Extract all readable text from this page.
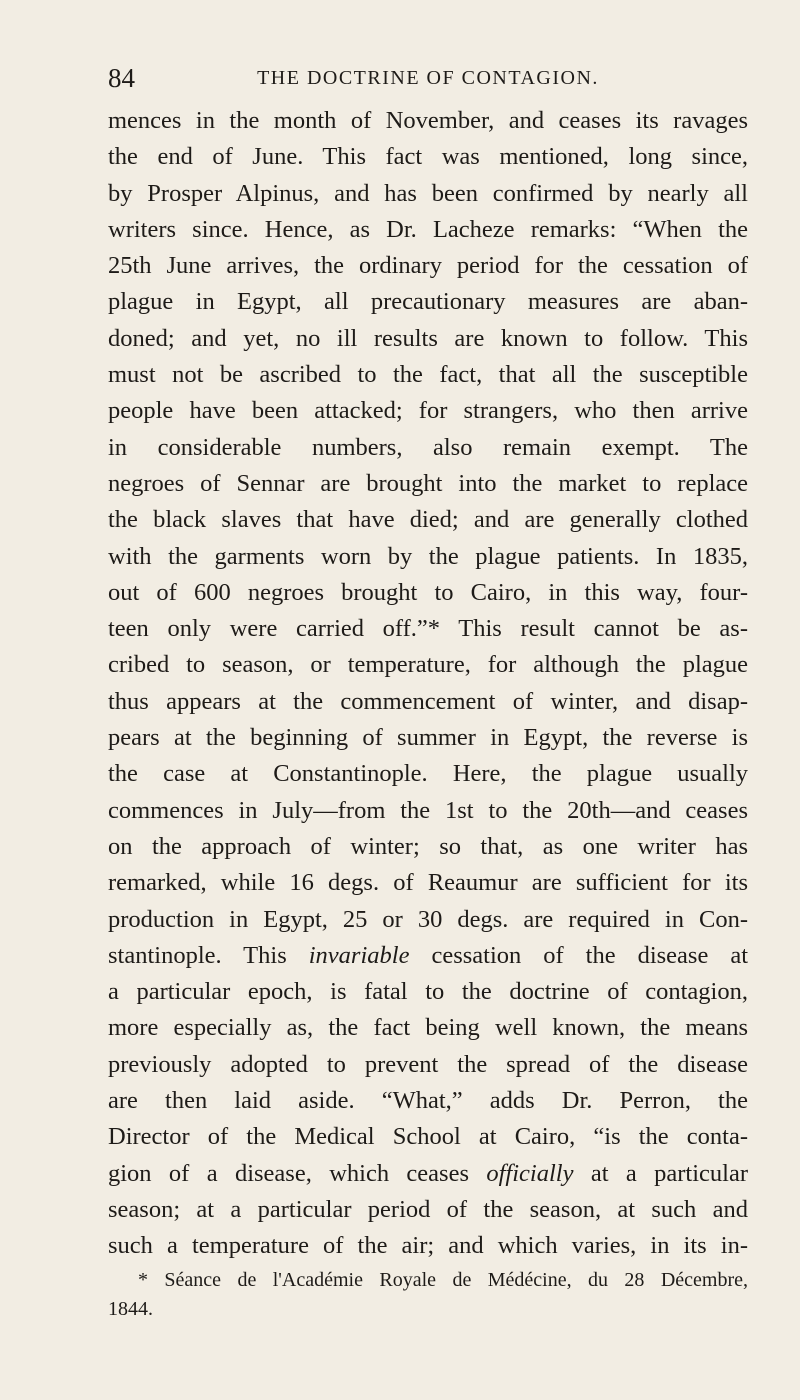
84	THE DOCTRINE OF CONTAGION.
mences in the month of November, and ceases its ravages
the end of June. This fact was mentioned, long since,
by Prosper Alpinus, and has been confirmed by nearly all
writers since. Hence, as Dr. Lacheze remarks: “When the
25th June arrives, the ordinary period for the cessation of
plague in Egypt, all precautionary measures are aban-
doned; and yet, no ill results are known to follow. This
must not be ascribed to the fact, that all the susceptible
people have been attacked; for strangers, who then arrive
in considerable numbers, also remain exempt. The
negroes of Sennar are brought into the market to replace
the black slaves that have died; and are generally clothed
with the garments worn by the plague patients. In 1835,
out of 600 negroes brought to Cairo, in this way, four-
teen only were carried off.”* This result cannot be as-
cribed to season, or temperature, for although the plague
thus appears at the commencement of winter, and disap-
pears at the beginning of summer in Egypt, the reverse is
the case at Constantinople. Here, the plague usually
commences in July—from the 1st to the 20th—and ceases
on the approach of winter; so that, as one writer has
remarked, while 16 degs. of Reaumur are sufficient for its
production in Egypt, 25 or 30 degs. are required in Con-
stantinople. This invariable cessation of the disease at
a particular epoch, is fatal to the doctrine of contagion,
more especially as, the fact being well known, the means
previously adopted to prevent the spread of the disease
are then laid aside. “What,” adds Dr. Perron, the
Director of the Medical School at Cairo, “is the conta-
gion of a disease, which ceases officially at a particular
season; at a particular period of the season, at such and
such a temperature of the air; and which varies, in its in-
* Séance de l'Académie Royale de Médécine, du 28 Décembre,
1844.
